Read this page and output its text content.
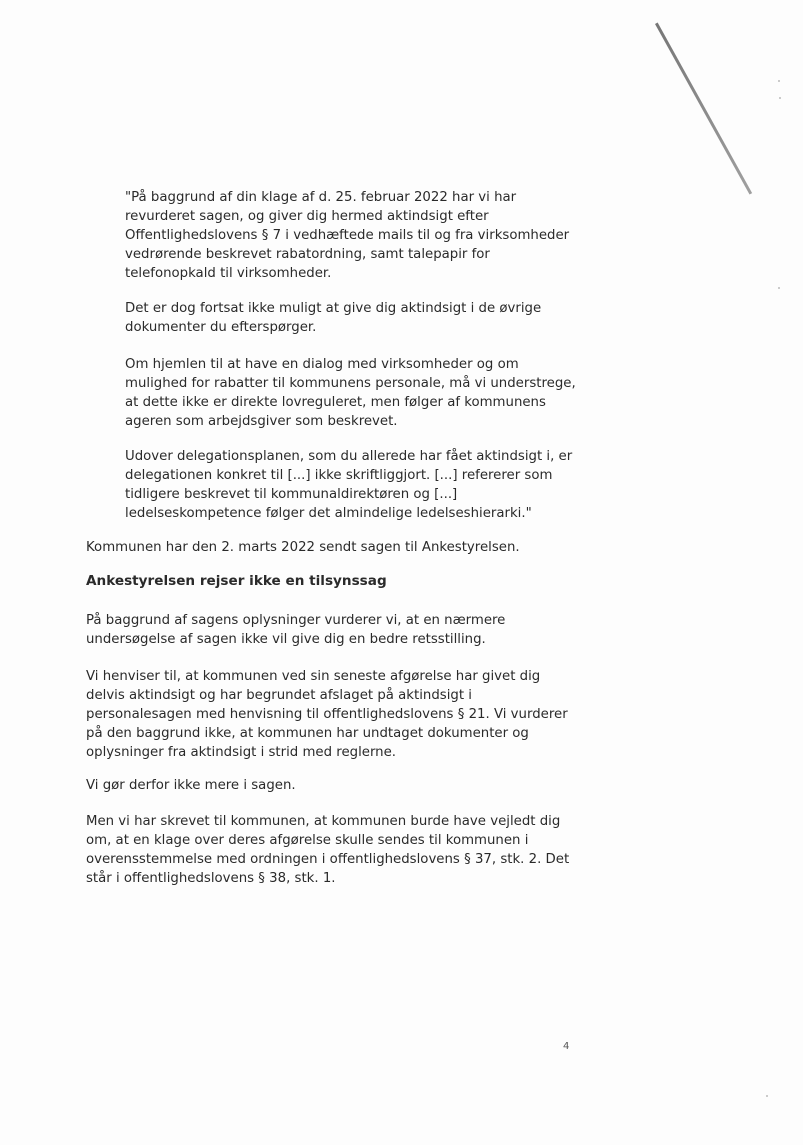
"På baggrund af din klage af d. 25. februar 2022 har vi har
revurderet sagen, og giver dig hermed aktindsigt efter
Offentlighedslovens § 7 i vedhæftede mails til og fra virksomheder
vedrørende beskrevet rabatordning, samt talepapir for
telefonopkald til virksomheder.

Det er dog fortsat ikke muligt at give dig aktindsigt i de øvrige
dokumenter du efterspørger.

Om hjemlen til at have en dialog med virksomheder og om
mulighed for rabatter til kommunens personale, må vi understrege,
at dette ikke er direkte lovreguleret, men følger af kommunens
ageren som arbejdsgiver som beskrevet.

Udover delegationsplanen, som du allerede har fået aktindsigt i, er
delegationen konkret til [...] ikke skriftliggjort. [...] refererer som
tidligere beskrevet til kommunaldirektøren og [...]
ledelseskompetence følger det almindelige ledelseshierarki."

Kommunen har den 2. marts 2022 sendt sagen til Ankestyrelsen.

Ankestyrelsen rejser ikke en tilsynssag

På baggrund af sagens oplysninger vurderer vi, at en nærmere
undersøgelse af sagen ikke vil give dig en bedre retsstilling.

Vi henviser til, at kommunen ved sin seneste afgørelse har givet dig
delvis aktindsigt og har begrundet afslaget på aktindsigt i
personalesagen med henvisning til offentlighedslovens § 21. Vi vurderer
på den baggrund ikke, at kommunen har undtaget dokumenter og
oplysninger fra aktindsigt i strid med reglerne.

Vi gør derfor ikke mere i sagen.

Men vi har skrevet til kommunen, at kommunen burde have vejledt dig
om, at en klage over deres afgørelse skulle sendes til kommunen i
overensstemmelse med ordningen i offentlighedslovens § 37, stk. 2. Det
står i offentlighedslovens § 38, stk. 1.

4
